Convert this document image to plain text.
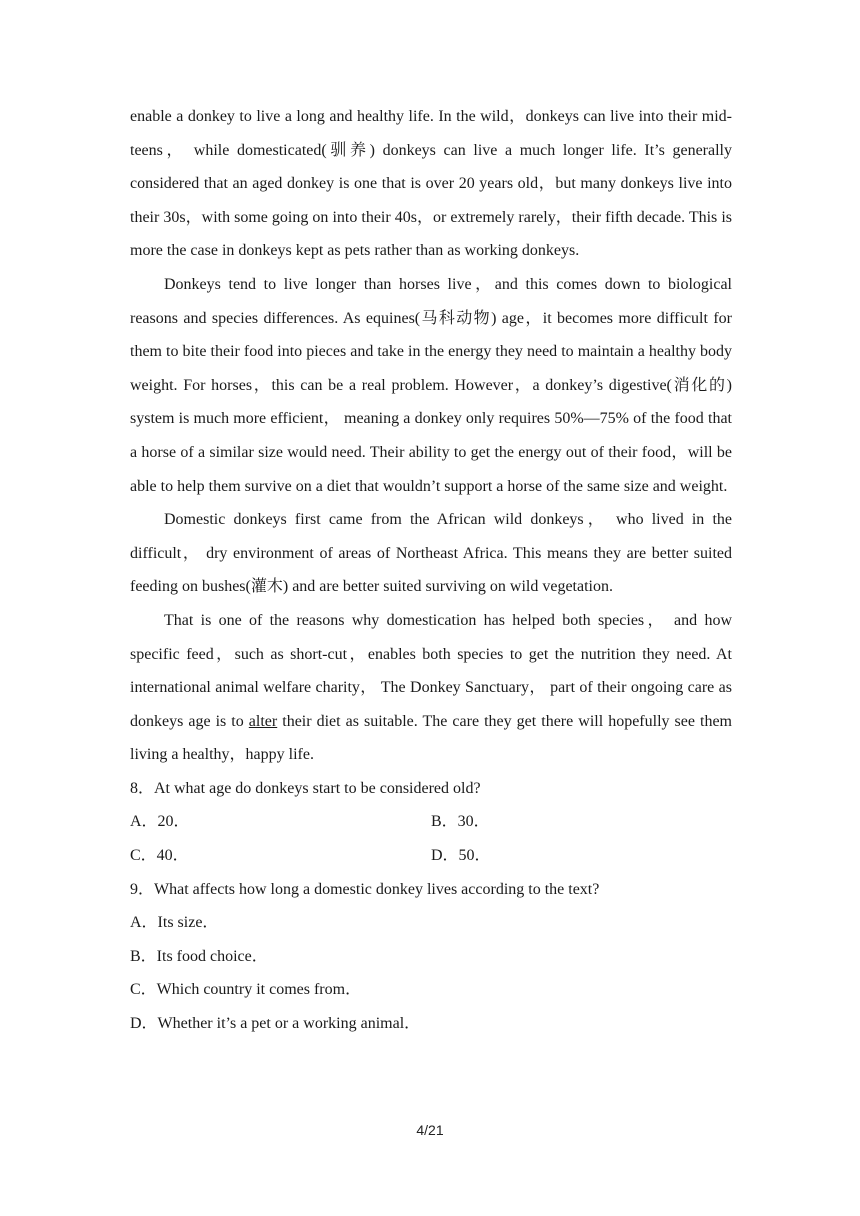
enable a donkey to live a long and healthy life. In the wild，donkeys can live into their mid-teens， while domesticated(驯养) donkeys can live a much longer life. It’s generally considered that an aged donkey is one that is over 20 years old，but many donkeys live into their 30s，with some going on into their 40s，or extremely rarely，their fifth decade. This is more the case in donkeys kept as pets rather than as working donkeys.

Donkeys tend to live longer than horses live，and this comes down to biological reasons and species differences. As equines(马科动物) age，it becomes more difficult for them to bite their food into pieces and take in the energy they need to maintain a healthy body weight. For horses，this can be a real problem. However，a donkey’s digestive(消化的) system is much more efficient， meaning a donkey only requires 50%—75% of the food that a horse of a similar size would need. Their ability to get the energy out of their food，will be able to help them survive on a diet that wouldn’t support a horse of the same size and weight.

Domestic donkeys first came from the African wild donkeys， who lived in the difficult， dry environment of areas of Northeast Africa. This means they are better suited feeding on bushes(灌木) and are better suited surviving on wild vegetation.

That is one of the reasons why domestication has helped both species， and how specific feed，such as short-cut，enables both species to get the nutrition they need. At international animal welfare charity， The Donkey Sanctuary， part of their ongoing care as donkeys age is to alter their diet as suitable. The care they get there will hopefully see them living a healthy，happy life.

8．At what age do donkeys start to be considered old?

A．20．	B．30．
C．40．	D．50．

9．What affects how long a domestic donkey lives according to the text?

A．Its size．
B．Its food choice．
C．Which country it comes from．
D．Whether it’s a pet or a working animal．
4/21
